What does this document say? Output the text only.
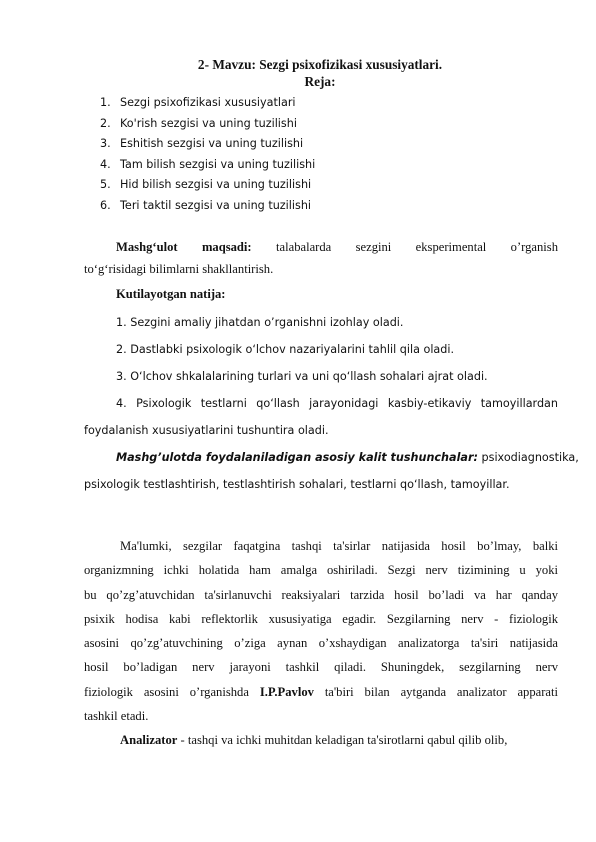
2- Mavzu: Sezgi psixofizikasi xususiyatlari.
Reja:
1. Sezgi psixofizikasi xususiyatlari
2. Ko'rish sezgisi va uning tuzilishi
3. Eshitish sezgisi va uning tuzilishi
4. Tam bilish sezgisi va uning tuzilishi
5. Hid bilish sezgisi va uning tuzilishi
6. Teri taktil sezgisi va uning tuzilishi
Mashg‘ulot maqsadi: talabalarda sezgini eksperimental o’rganish
to‘g‘risidagi bilimlarni shakllantirish.
Kutilayotgan natija:
1. Sezgini amaliy jihatdan o’rganishni izohlay oladi.
2. Dastlabki psixologik o‘lchov nazariyalarini tahlil qila oladi.
3. O‘lchov shkalalarining turlari va uni qo‘llash sohalari ajrat oladi.
4. Psixologik testlarni qo‘llash jarayonidagi kasbiy-etikaviy tamoyillardan
foydalanish xususiyatlarini tushuntira oladi.
Mashg’ulotda foydalaniladigan asosiy kalit tushunchalar: psixodiagnostika,
psixologik testlashtirish, testlashtirish sohalari, testlarni qo‘llash, tamoyillar.
Ma'lumki, sezgilar faqatgina tashqi ta'sirlar natijasida hosil bo’lmay, balki
organizmning ichki holatida ham amalga oshiriladi. Sezgi nerv tizimining u yoki
bu qo’zg’atuvchidan ta'sirlanuvchi reaksiyalari tarzida hosil bo’ladi va har qanday
psixik hodisa kabi reflektorlik xususiyatiga egadir. Sezgilarning nerv - fiziologik
asosini qo’zg’atuvchining o’ziga aynan o’xshaydigan analizatorga ta'siri natijasida
hosil bo’ladigan nerv jarayoni tashkil qiladi. Shuningdek, sezgilarning nerv
fiziologik asosini o’rganishda I.P.Pavlov ta'biri bilan aytganda analizator apparati
tashkil etadi.
Analizator - tashqi va ichki muhitdan keladigan ta'sirotlarni qabul qilib olib,
